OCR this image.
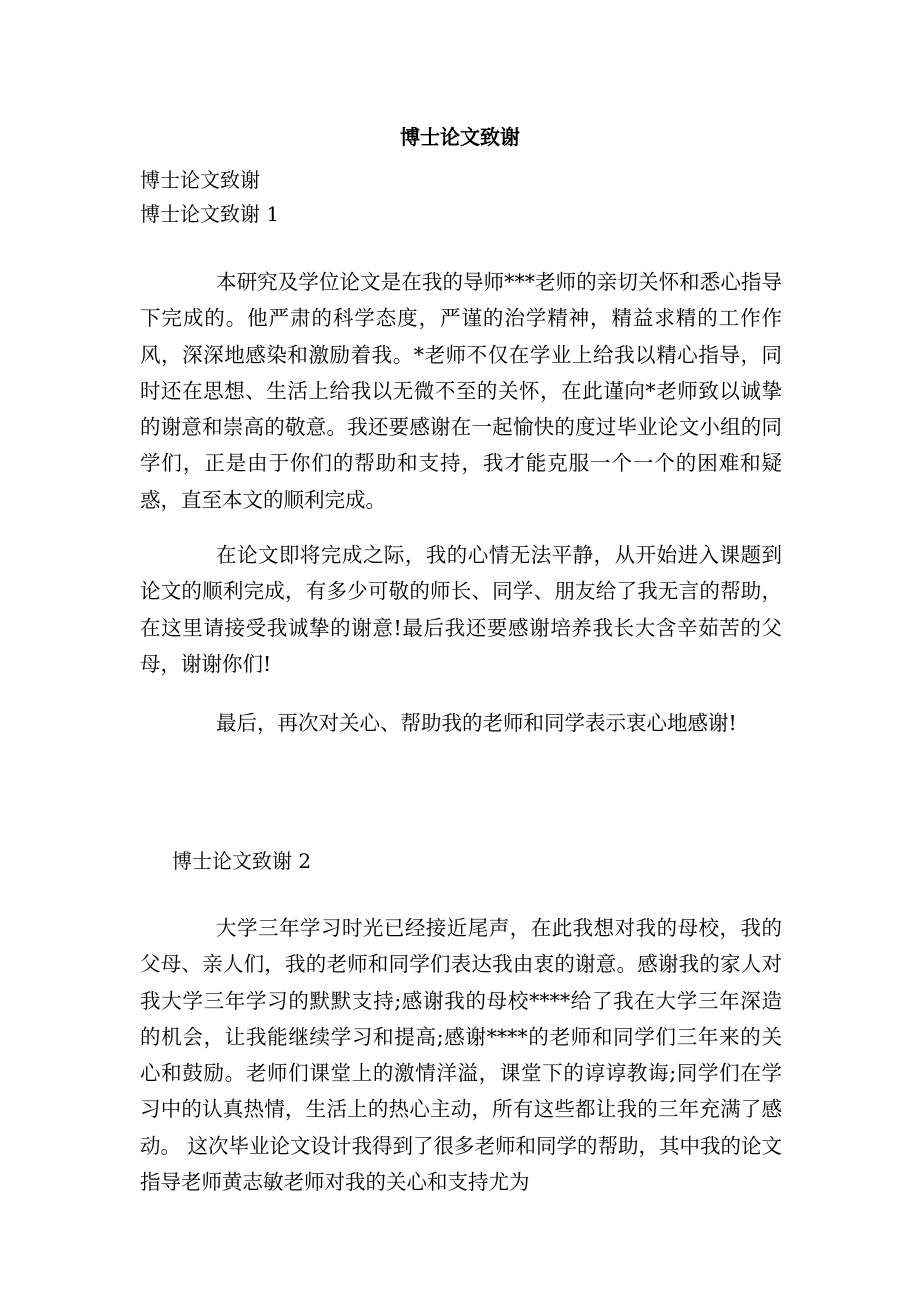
博士论文致谢
博士论文致谢
博士论文致谢 1
本研究及学位论文是在我的导师***老师的亲切关怀和悉心指导下完成的。他严肃的科学态度，严谨的治学精神，精益求精的工作作风，深深地感染和激励着我。*老师不仅在学业上给我以精心指导，同时还在思想、生活上给我以无微不至的关怀，在此谨向*老师致以诚挚的谢意和崇高的敬意。我还要感谢在一起愉快的度过毕业论文小组的同学们，正是由于你们的帮助和支持，我才能克服一个一个的困难和疑惑，直至本文的顺利完成。
在论文即将完成之际，我的心情无法平静，从开始进入课题到论文的顺利完成，有多少可敬的师长、同学、朋友给了我无言的帮助，在这里请接受我诚挚的谢意!最后我还要感谢培养我长大含辛茹苦的父母，谢谢你们!
最后，再次对关心、帮助我的老师和同学表示衷心地感谢!
博士论文致谢 2
大学三年学习时光已经接近尾声，在此我想对我的母校，我的父母、亲人们，我的老师和同学们表达我由衷的谢意。感谢我的家人对我大学三年学习的默默支持;感谢我的母校****给了我在大学三年深造的机会，让我能继续学习和提高;感谢****的老师和同学们三年来的关心和鼓励。老师们课堂上的激情洋溢，课堂下的谆谆教诲;同学们在学习中的认真热情，生活上的热心主动，所有这些都让我的三年充满了感动。 这次毕业论文设计我得到了很多老师和同学的帮助，其中我的论文指导老师黄志敏老师对我的关心和支持尤为
